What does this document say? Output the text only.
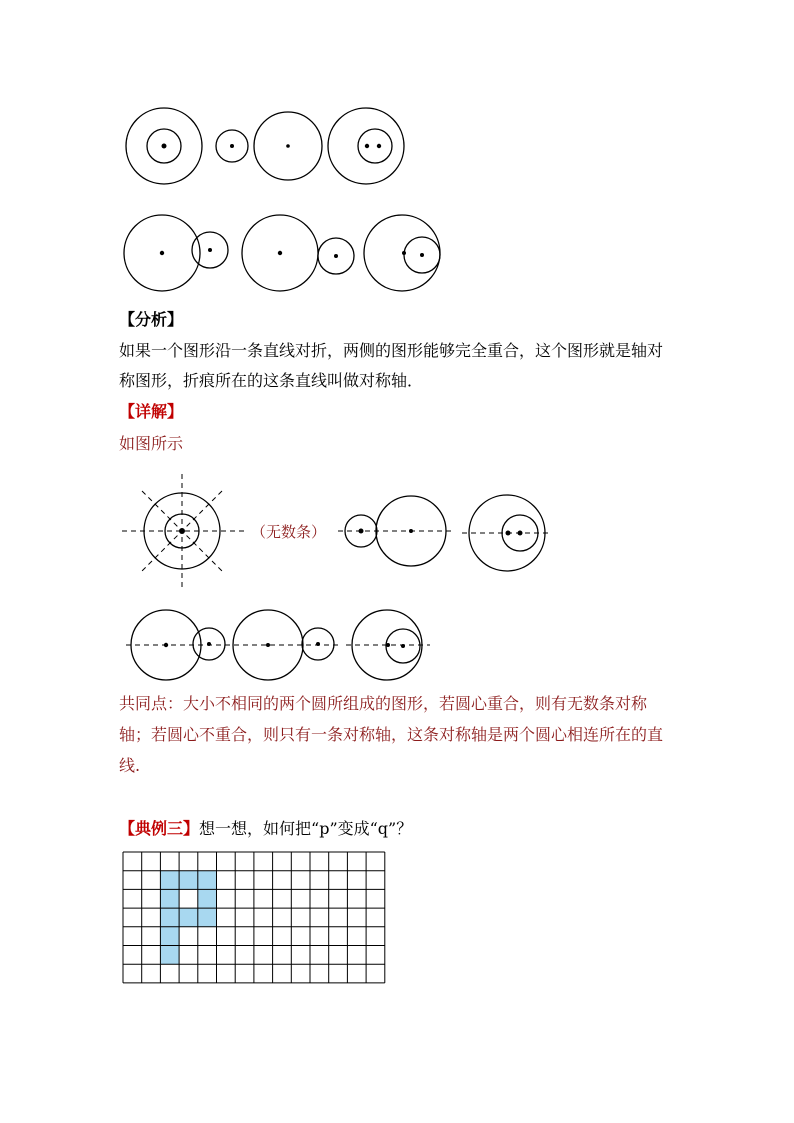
【分析】
如果一个图形沿一条直线对折，两侧的图形能够完全重合，这个图形就是轴对
称图形，折痕所在的这条直线叫做对称轴．
【详解】
如图所示
（无数条）
共同点：大小不相同的两个圆所组成的图形，若圆心重合，则有无数条对称
轴；若圆心不重合，则只有一条对称轴，这条对称轴是两个圆心相连所在的直
线.
【典例三】想一想，如何把“p”变成“q”？
